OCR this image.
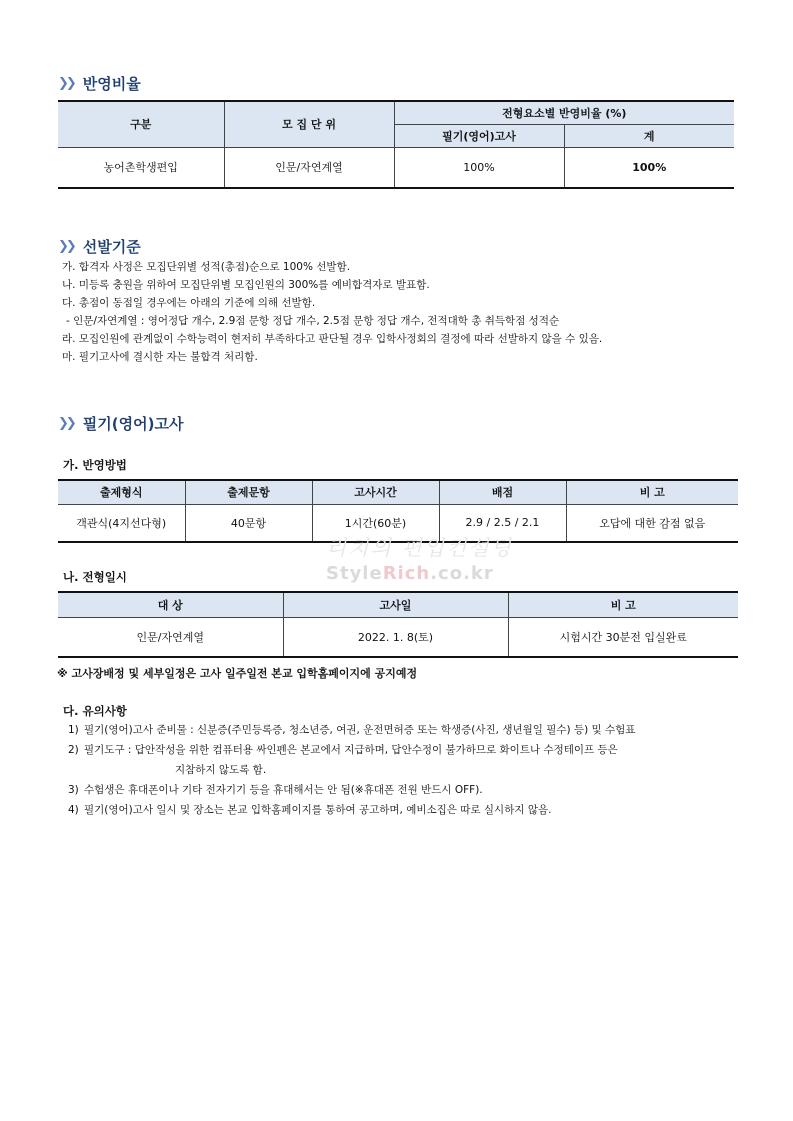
❯❯ 반영비율
구분	모 집 단 위	전형요소별 반영비율 (%)	
		필기(영어)고사	계
농어촌학생편입	인문/자연계열	100%	100%
❯❯ 선발기준
가. 합격자 사정은 모집단위별 성적(총점)순으로 100% 선발함.
나. 미등록 충원을 위하여 모집단위별 모집인원의 300%를 예비합격자로 발표함.
다. 총점이 동점일 경우에는 아래의 기준에 의해 선발함.
- 인문/자연계열 : 영어정답 개수, 2.9점 문항 정답 개수, 2.5점 문항 정답 개수, 전적대학 총 취득학점 성적순
라. 모집인원에 관계없이 수학능력이 현저히 부족하다고 판단될 경우 입학사정회의 결정에 따라 선발하지 않을 수 있음.
마. 필기고사에 결시한 자는 불합격 처리함.
❯❯ 필기(영어)고사
가. 반영방법
출제형식	출제문항	고사시간	배점	비 고
객관식(4지선다형)	40문항	1시간(60분)	2.9 / 2.5 / 2.1	오답에 대한 감점 없음
리치의 편입컨설팅
StyleRich.co.kr
나. 전형일시
대 상	고사일	비 고
인문/자연계열	2022. 1. 8(토)	시험시간 30분전 입실완료
※ 고사장배정 및 세부일정은 고사 일주일전 본교 입학홈페이지에 공지예정
다. 유의사항
1) 필기(영어)고사 준비물 : 신분증(주민등록증, 청소년증, 여권, 운전면허증 또는 학생증(사진, 생년월일 필수) 등) 및 수험표
2) 필기도구 : 답안작성을 위한 컴퓨터용 싸인펜은 본교에서 지급하며, 답안수정이 불가하므로 화이트나 수정테이프 등은
지참하지 않도록 함.
3) 수험생은 휴대폰이나 기타 전자기기 등을 휴대해서는 안 됨(※휴대폰 전원 반드시 OFF).
4) 필기(영어)고사 일시 및 장소는 본교 입학홈페이지를 통하여 공고하며, 예비소집은 따로 실시하지 않음.
